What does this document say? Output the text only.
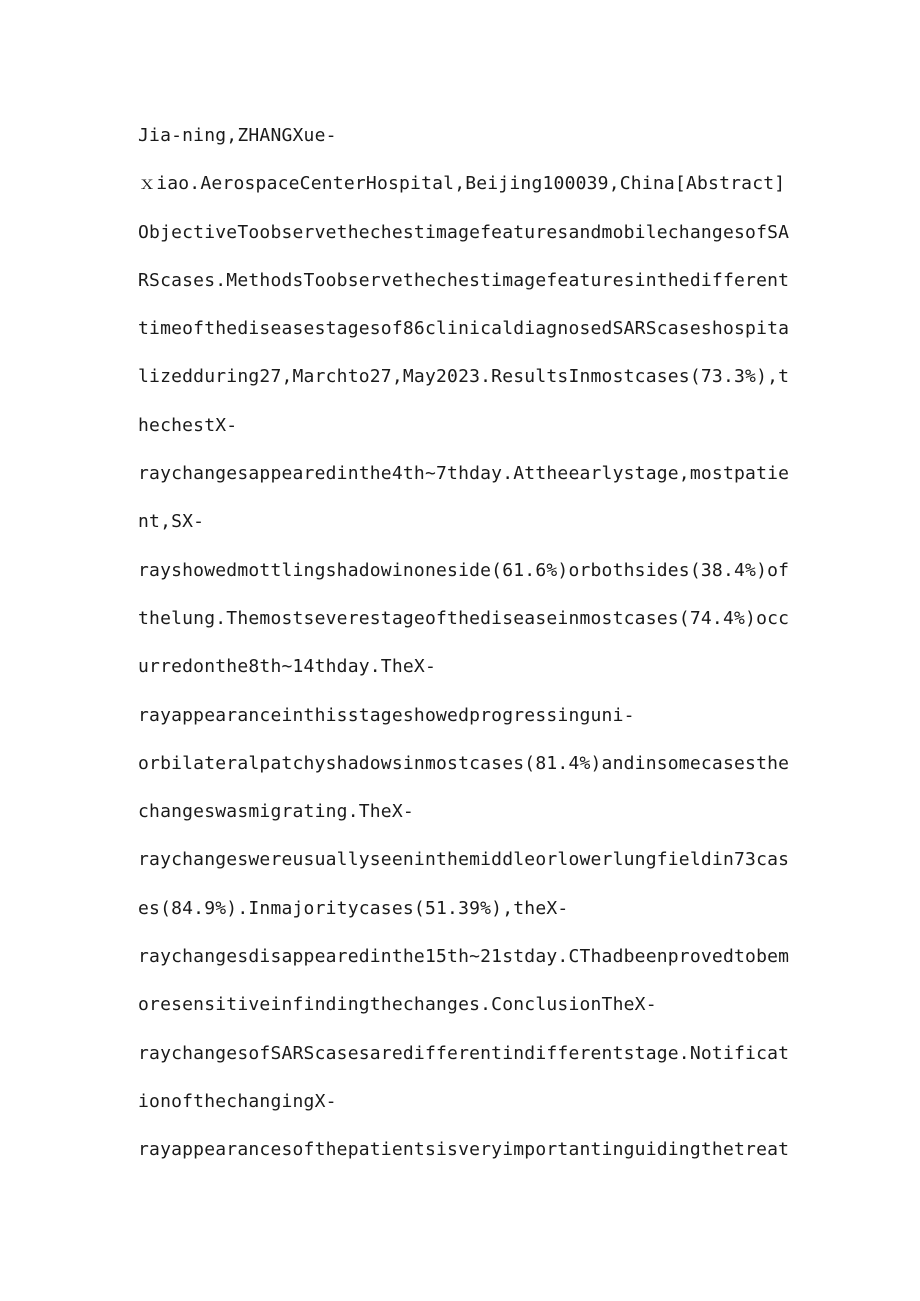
Jia-ning,ZHANGXue-
ｘiao.AerospaceCenterHospital,Beijing100039,China[Abstract]
ObjectiveToobservethechestimagefeaturesandmobilechangesofSA
RScases.MethodsToobservethechestimagefeaturesinthedifferent
timeofthediseasestagesof86clinicaldiagnosedSARScaseshospita
lizedduring27,Marchto27,May2023.ResultsInmostcases(73.3%),t
hechestX-
raychangesappearedinthe4th~7thday.Attheearlystage,mostpatie
nt,SX-
rayshowedmottlingshadowinoneside(61.6%)orbothsides(38.4%)of
thelung.Themostseverestageofthediseaseinmostcases(74.4%)occ
urredonthe8th~14thday.TheX-
rayappearanceinthisstageshowedprogressinguni-
orbilateralpatchyshadowsinmostcases(81.4%)andinsomecasesthe
changeswasmigrating.TheX-
raychangeswereusuallyseeninthemiddleorlowerlungfieldin73cas
es(84.9%).Inmajoritycases(51.39%),theX-
raychangesdisappearedinthe15th~21stday.CThadbeenprovedtobem
oresensitiveinfindingthechanges.ConclusionTheX-
raychangesofSARScasesaredifferentindifferentstage.Notificat
ionofthechangingX-
rayappearancesofthepatientsisveryimportantinguidingthetreat
